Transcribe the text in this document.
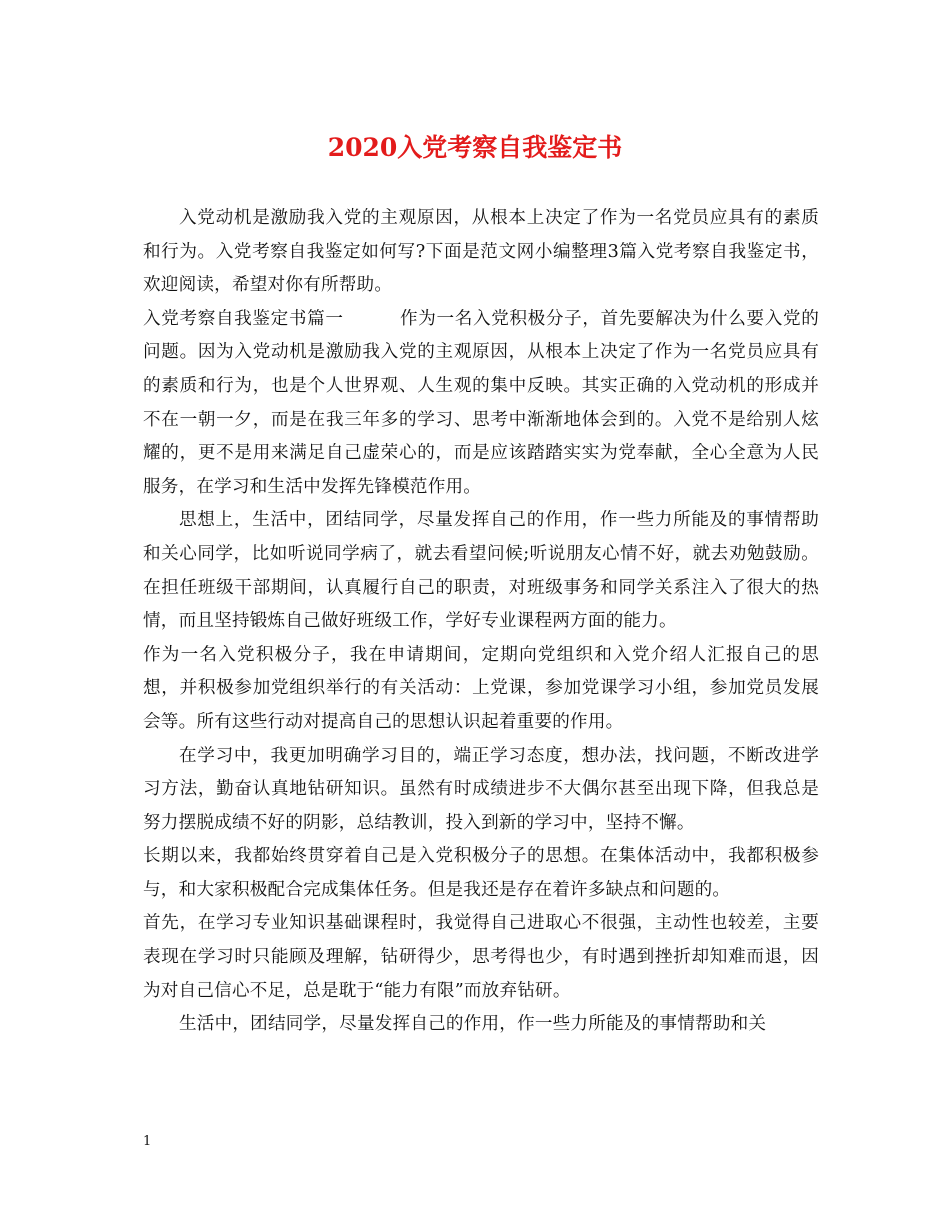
2020入党考察自我鉴定书

入党动机是激励我入党的主观原因，从根本上决定了作为一名党员应具有的素质和行为。入党考察自我鉴定如何写?下面是范文网小编整理3篇入党考察自我鉴定书，欢迎阅读，希望对你有所帮助。

入党考察自我鉴定书篇一	作为一名入党积极分子，首先要解决为什么要入党的问题。因为入党动机是激励我入党的主观原因，从根本上决定了作为一名党员应具有的素质和行为，也是个人世界观、人生观的集中反映。其实正确的入党动机的形成并不在一朝一夕，而是在我三年多的学习、思考中渐渐地体会到的。入党不是给别人炫耀的，更不是用来满足自己虚荣心的，而是应该踏踏实实为党奉献，全心全意为人民服务，在学习和生活中发挥先锋模范作用。

思想上，生活中，团结同学，尽量发挥自己的作用，作一些力所能及的事情帮助和关心同学，比如听说同学病了，就去看望问候;听说朋友心情不好，就去劝勉鼓励。在担任班级干部期间，认真履行自己的职责，对班级事务和同学关系注入了很大的热情，而且坚持锻炼自己做好班级工作，学好专业课程两方面的能力。

作为一名入党积极分子，我在申请期间，定期向党组织和入党介绍人汇报自己的思想，并积极参加党组织举行的有关活动：上党课，参加党课学习小组，参加党员发展会等。所有这些行动对提高自己的思想认识起着重要的作用。

在学习中，我更加明确学习目的，端正学习态度，想办法，找问题，不断改进学习方法，勤奋认真地钻研知识。虽然有时成绩进步不大偶尔甚至出现下降，但我总是努力摆脱成绩不好的阴影，总结教训，投入到新的学习中，坚持不懈。

长期以来，我都始终贯穿着自己是入党积极分子的思想。在集体活动中，我都积极参与，和大家积极配合完成集体任务。但是我还是存在着许多缺点和问题的。

首先，在学习专业知识基础课程时，我觉得自己进取心不很强，主动性也较差，主要表现在学习时只能顾及理解，钻研得少，思考得也少，有时遇到挫折却知难而退，因为对自己信心不足，总是耽于“能力有限”而放弃钻研。

生活中，团结同学，尽量发挥自己的作用，作一些力所能及的事情帮助和关

1
